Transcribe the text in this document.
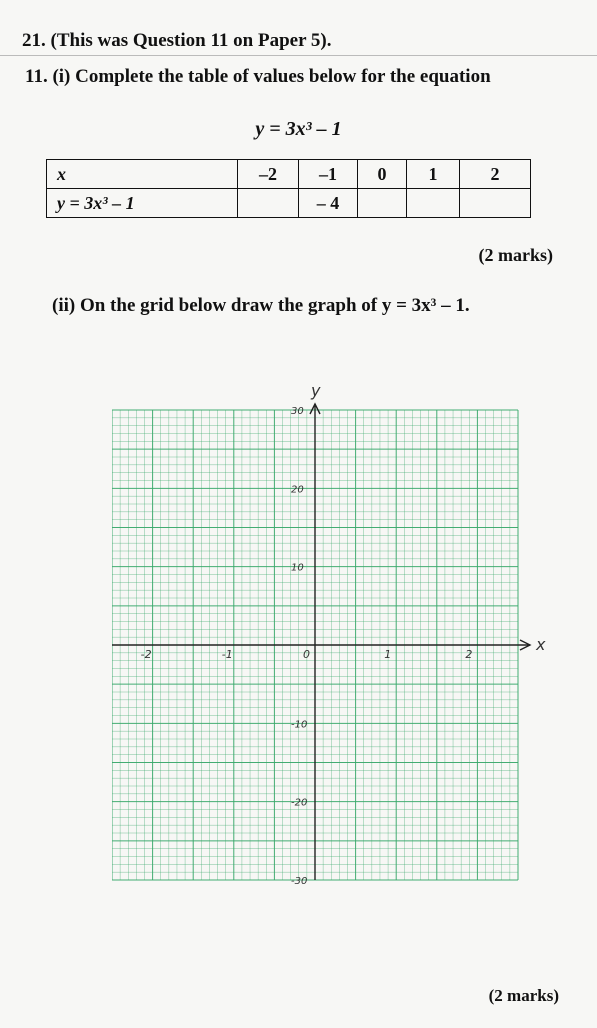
21. (This was Question 11 on Paper 5).
11. (i) Complete the table of values below for the equation
y = 3x³ – 1
x	–2	–1	0	1	2
y = 3x³ – 1		– 4			
(2 marks)
(ii) On the grid below draw the graph of y = 3x³ – 1.
x
y
-2	-1	0	1	2
30
20
10
-10
-20
-30
(2 marks)
